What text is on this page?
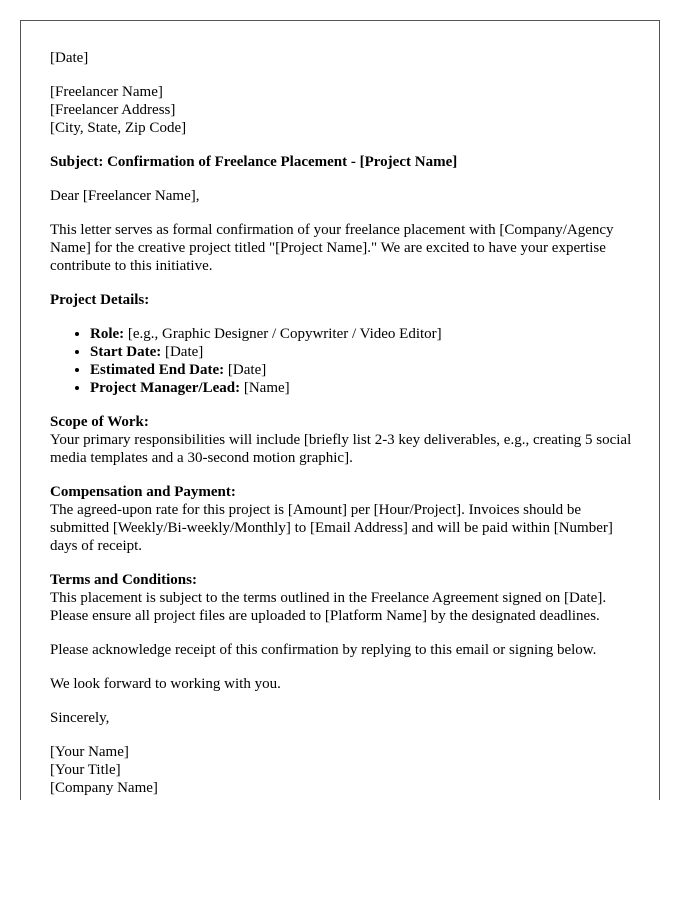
[Date]

[Freelancer Name]
[Freelancer Address]
[City, State, Zip Code]

Subject: Confirmation of Freelance Placement - [Project Name]

Dear [Freelancer Name],

This letter serves as formal confirmation of your freelance placement with [Company/Agency Name] for the creative project titled "[Project Name]." We are excited to have your expertise contribute to this initiative.

Project Details:

• Role: [e.g., Graphic Designer / Copywriter / Video Editor]
• Start Date: [Date]
• Estimated End Date: [Date]
• Project Manager/Lead: [Name]

Scope of Work:
Your primary responsibilities will include [briefly list 2-3 key deliverables, e.g., creating 5 social media templates and a 30-second motion graphic].

Compensation and Payment:
The agreed-upon rate for this project is [Amount] per [Hour/Project]. Invoices should be submitted [Weekly/Bi-weekly/Monthly] to [Email Address] and will be paid within [Number] days of receipt.

Terms and Conditions:
This placement is subject to the terms outlined in the Freelance Agreement signed on [Date]. Please ensure all project files are uploaded to [Platform Name] by the designated deadlines.

Please acknowledge receipt of this confirmation by replying to this email or signing below.

We look forward to working with you.

Sincerely,

[Your Name]
[Your Title]
[Company Name]
